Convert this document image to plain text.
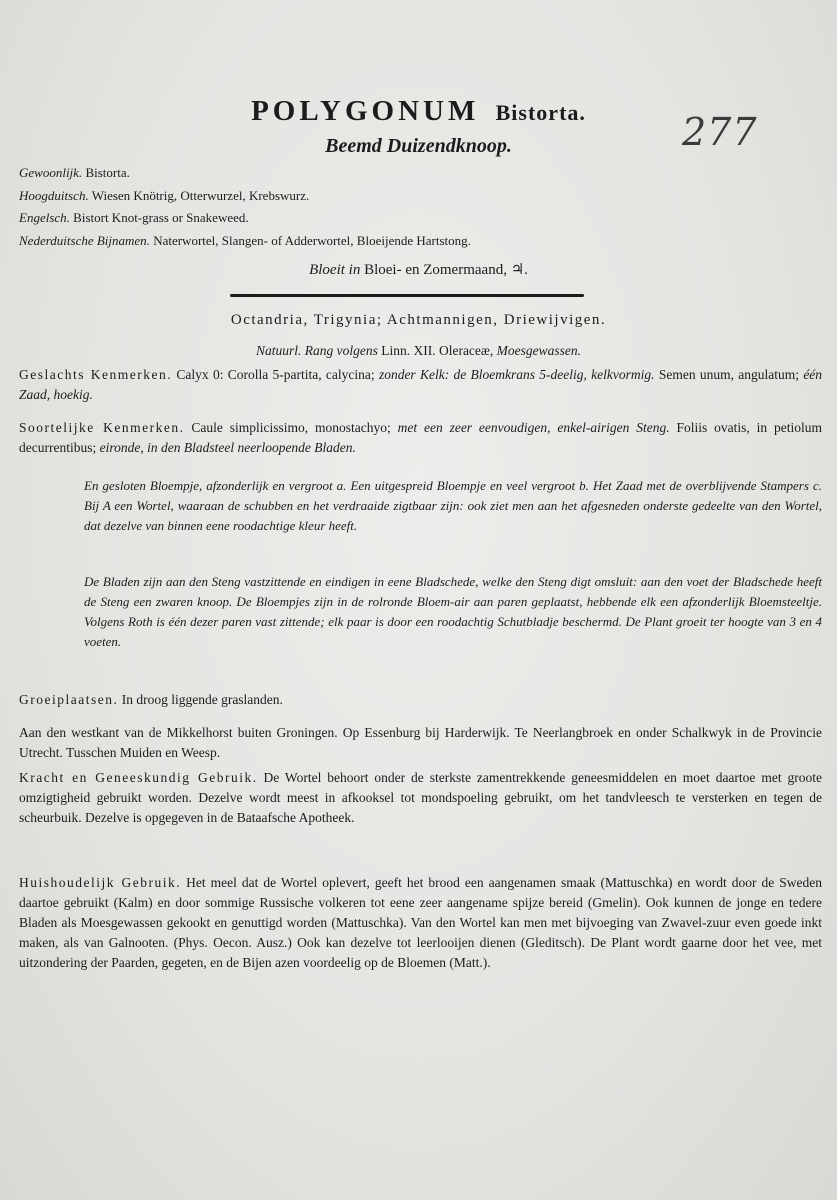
277
POLYGONUM Bistorta.
Beemd Duizendknoop.
Gewoonlijk. Bistorta.
Hoogduitsch. Wiesen Knötrig, Otterwurzel, Krebswurz.
Engelsch. Bistort Knot-grass or Snakeweed.
Nederduitsche Bijnamen. Naterwortel, Slangen- of Adderwortel, Bloeijende Hartstong.
Bloeit in Bloei- en Zomermaand, ♃.
Octandria, Trigynia; Achtmannigen, Driewijvigen.
Natuurl. Rang volgens Linn. XII. Oleraceæ, Moesgewassen.

Geslachts Kenmerken. Calyx 0: Corolla 5-partita, calycina; zonder Kelk: de Bloemkrans 5-deelig, kelkvormig. Semen unum, angulatum; één Zaad, hoekig.

Soortelijke Kenmerken. Caule simplicissimo, monostachyo; met een zeer eenvoudigen, enkel-airigen Steng. Foliis ovatis, in petiolum decurrentibus; eironde, in den Bladsteel neerloopende Bladen.

En gesloten Bloempje, afzonderlijk en vergroot a. Een uitgespreid Bloempje en veel vergroot b. Het Zaad met de overblijvende Stampers c. Bij A een Wortel, waaraan de schubben en het verdraaide zigtbaar zijn: ook ziet men aan het afgesneden onderste gedeelte van den Wortel, dat dezelve van binnen eene roodachtige kleur heeft.

De Bladen zijn aan den Steng vastzittende en eindigen in eene Bladschede, welke den Steng digt omsluit: aan den voet der Bladschede heeft de Steng een zwaren knoop. De Bloempjes zijn in de rolronde Bloem-air aan paren geplaatst, hebbende elk een afzonderlijk Bloemsteeltje. Volgens Roth is één dezer paren vast zittende; elk paar is door een roodachtig Schutbladje beschermd. De Plant groeit ter hoogte van 3 en 4 voeten.

Groeiplaatsen. In droog liggende graslanden.

Aan den westkant van de Mikkelhorst buiten Groningen. Op Essenburg bij Harderwijk. Te Neerlangbroek en onder Schalkwyk in de Provincie Utrecht. Tusschen Muiden en Weesp.

Kracht en Geneeskundig Gebruik. De Wortel behoort onder de sterkste zamentrekkende geneesmiddelen en moet daartoe met groote omzigtigheid gebruikt worden. Dezelve wordt meest in afkooksel tot mondspoeling gebruikt, om het tandvleesch te versterken en tegen de scheurbuik. Dezelve is opgegeven in de Bataafsche Apotheek.

Huishoudelijk Gebruik. Het meel dat de Wortel oplevert, geeft het brood een aangenamen smaak (Mattuschka) en wordt door de Sweden daartoe gebruikt (Kalm) en door sommige Russische volkeren tot eene zeer aangename spijze bereid (Gmelin). Ook kunnen de jonge en tedere Bladen als Moesgewassen gekookt en genuttigd worden (Mattuschka). Van den Wortel kan men met bijvoeging van Zwavel-zuur even goede inkt maken, als van Galnooten. (Phys. Oecon. Ausz.) Ook kan dezelve tot leerlooijen dienen (Gleditsch). De Plant wordt gaarne door het vee, met uitzondering der Paarden, gegeten, en de Bijen azen voordeelig op de Bloemen (Matt.).
